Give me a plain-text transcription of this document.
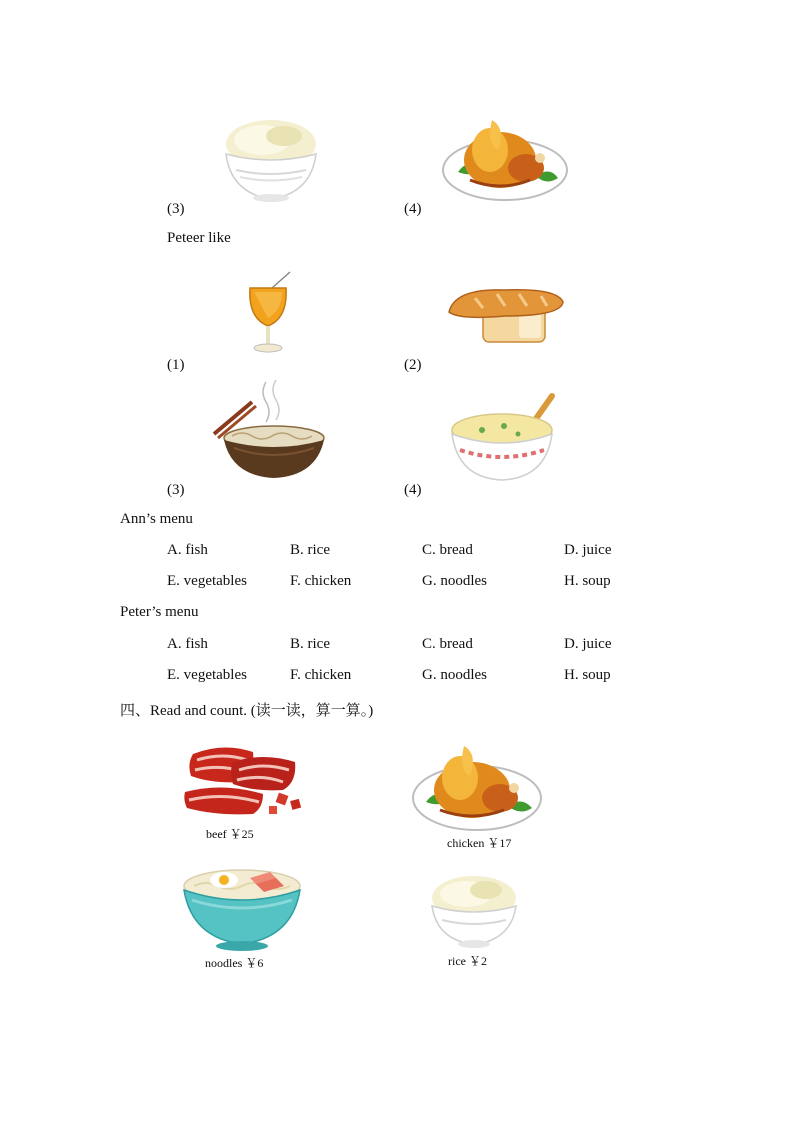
(3)	(4)
Peteer like
(1)	(2)
(3)	(4)
Ann’s menu
A. fish	B. rice	C. bread	D. juice
E. vegetables	F. chicken	G. noodles	H. soup
Peter’s menu
A. fish	B. rice	C. bread	D. juice
E. vegetables	F. chicken	G. noodles	H. soup
四、Read and count. (读一读，算一算。)
beef ￥25
chicken ￥17
noodles ￥6	rice ￥2
